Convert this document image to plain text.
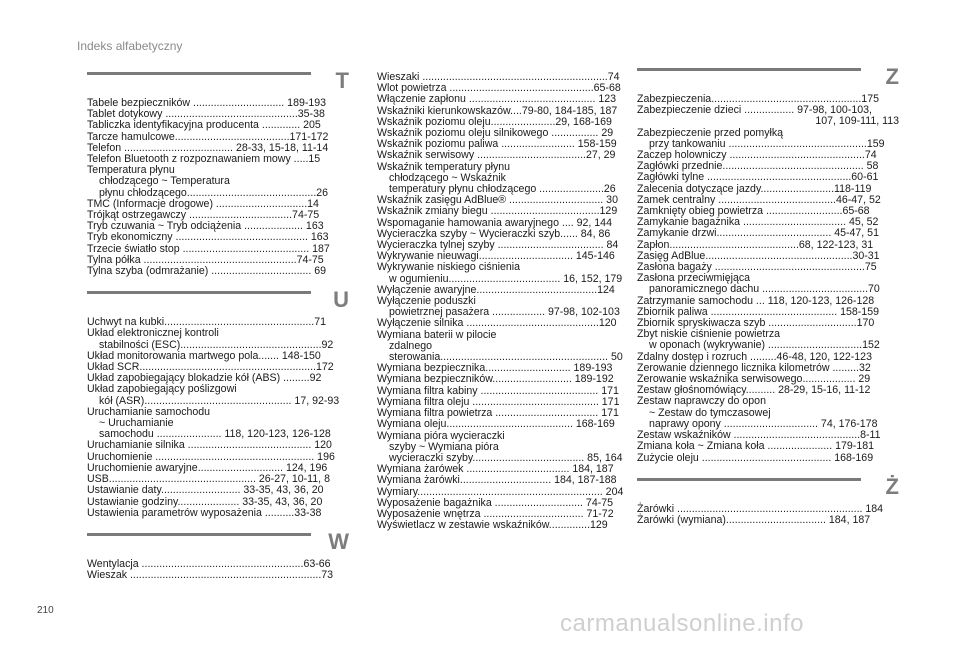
Indeks alfabetyczny
T
Tabele bezpieczników ............................... 189-193
Tablet dotykowy .............................................35-38
Tabliczka identyfikacyjna producenta ............. 205
Tarcze hamulcowe.......................................171-172
Telefon ..................................... 28-33, 15-18, 11-14
Telefon Bluetooth z rozpoznawaniem mowy .....15
Temperatura płynu
chłodzącego ~ Temperatura
płynu chłodzącego............................................26
TMC (Informacje drogowe) ...............................14
Trójkąt ostrzegawczy ...................................74-75
Tryb czuwania ~ Tryb odciążenia .................... 163
Tryb ekonomiczny ............................................. 163
Trzecie światło stop ........................................... 187
Tylna półka ....................................................74-75
Tylna szyba (odmrażanie) .................................. 69
U
Uchwyt na kubki...................................................71
Układ elektronicznej kontroli
stabilności (ESC)................................................92
Układ monitorowania martwego pola....... 148-150
Układ SCR............................................................172
Układ zapobiegający blokadzie kół (ABS) .........92
Układ zapobiegający poślizgowi
kół (ASR).................................................. 17, 92-93
Uruchamianie samochodu
~ Uruchamianie
samochodu ...................... 118, 120-123, 126-128
Uruchamianie silnika .......................................... 120
Uruchomienie ...................................................... 196
Uruchomienie awaryjne............................. 124, 196
USB.................................................. 26-27, 10-11, 8
Ustawianie daty........................... 33-35, 43, 36, 20
Ustawianie godziny..................... 33-35, 43, 36, 20
Ustawienia parametrów wyposażenia ..........33-38
W
Wentylacja .......................................................63-66
Wieszak .................................................................73
Wieszaki ...............................................................74
Wlot powietrza .................................................65-68
Włączenie zapłonu ........................................... 123
Wskaźniki kierunkowskazów....79-80, 184-185, 187
Wskaźnik poziomu oleju......................29, 168-169
Wskaźnik poziomu oleju silnikowego ................ 29
Wskaźnik poziomu paliwa ......................... 158-159
Wskaźnik serwisowy .....................................27, 29
Wskaźnik temperatury płynu
chłodzącego ~ Wskaźnik
temperatury płynu chłodzącego ......................26
Wskaźnik zasięgu AdBlue® ................................ 30
Wskaźnik zmiany biegu .....................................129
Wspomaganie hamowania awaryjnego .... 92, 144
Wycieraczka szyby ~ Wycieraczki szyb...... 84, 86
Wycieraczka tylnej szyby .................................... 84
Wykrywanie nieuwagi................................ 145-146
Wykrywanie niskiego ciśnienia
w ogumieniu...................................... 16, 152, 179
Wyłączenie awaryjne.........................................124
Wyłączenie poduszki
powietrznej pasażera .................. 97-98, 102-103
Wyłączenie silnika .............................................120
Wymiana baterii w pilocie
zdalnego
sterowania......................................................... 50
Wymiana bezpiecznika............................. 189-193
Wymiana bezpieczników........................... 189-192
Wymiana filtra kabiny ........................................ 171
Wymiana filtra oleju ........................................... 171
Wymiana filtra powietrza ................................... 171
Wymiana oleju........................................... 168-169
Wymiana pióra wycieraczki
szyby ~ Wymiana pióra
wycieraczki szyby...................................... 85, 164
Wymiana żarówek ................................... 184, 187
Wymiana żarówki............................... 184, 187-188
Wymiary............................................................... 204
Wyposażenie bagażnika .............................. 74-75
Wyposażenie wnętrza .................................. 71-72
Wyświetlacz w zestawie wskaźników..............129
Z
Zabezpieczenia...................................................175
Zabezpieczenie dzieci ................. 97-98, 100-103,
107, 109-111, 113
Zabezpieczenie przed pomyłką
przy tankowaniu ...............................................159
Zaczep holowniczy ..............................................74
Zagłówki przednie................................................ 58
Zagłówki tylne .................................................60-61
Zalecenia dotyczące jazdy.........................118-119
Zamek centralny ........................................46-47, 52
Zamknięty obieg powietrza ..........................65-68
Zamykanie bagażnika ................................... 45, 52
Zamykanie drzwi....................................... 45-47, 51
Zapłon............................................68, 122-123, 31
Zasięg AdBlue..................................................30-31
Zasłona bagaży ...................................................75
Zasłona przeciwmięjąca
panoramicznego dachu ....................................70
Zatrzymanie samochodu ... 118, 120-123, 126-128
Zbiornik paliwa ........................................... 158-159
Zbiornik spryskiwacza szyb ..............................170
Zbyt niskie ciśnienie powietrza
w oponach (wykrywanie) ................................152
Zdalny dostęp i rozruch .........46-48, 120, 122-123
Zerowanie dziennego licznika kilometrów .........32
Zerowanie wskaźnika serwisowego.................. 29
Zestaw głośnomówiący.......... 28-29, 15-16, 11-12
Zestaw naprawczy do opon
~ Zestaw do tymczasowej
naprawy opony ................................ 74, 176-178
Zestaw wskaźników ...........................................8-11
Zmiana koła ~ Zmiana koła ...................... 179-181
Zużycie oleju ............................................ 168-169
Ż
Żarówki ............................................................... 184
Żarówki (wymiana).................................. 184, 187
210	carmanualsonline.info
